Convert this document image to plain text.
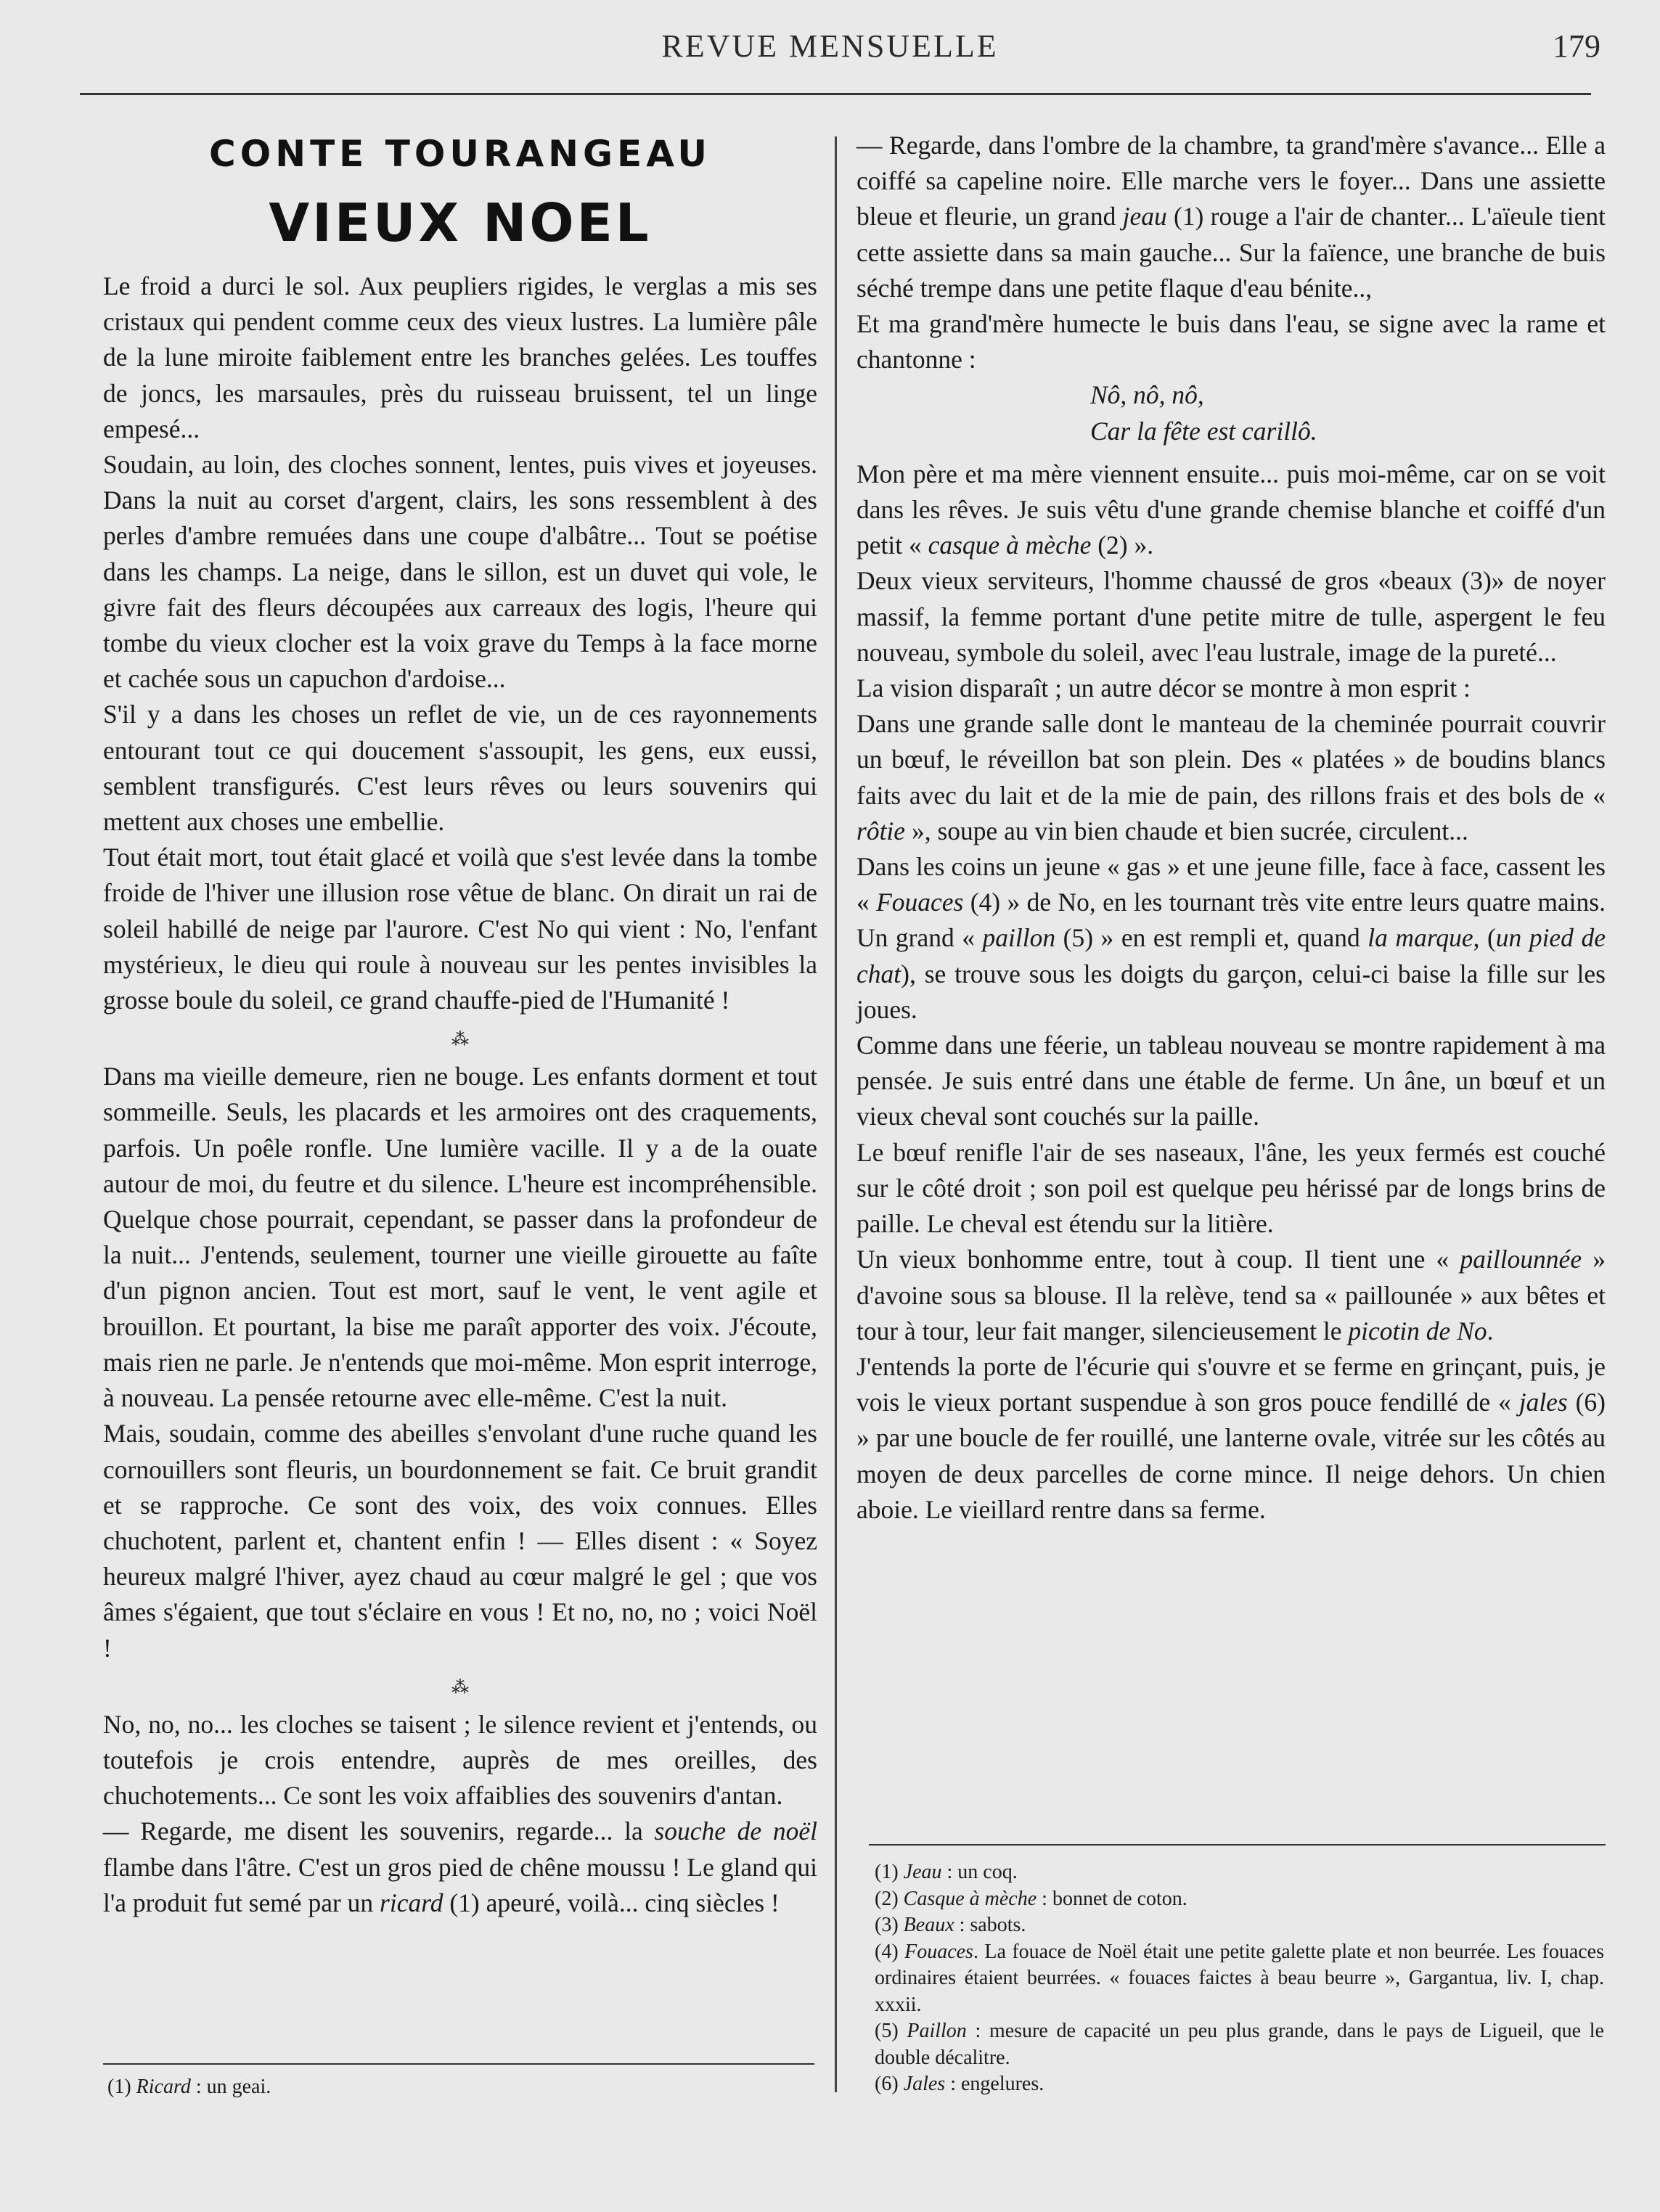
REVUE MENSUELLE	179
CONTE TOURANGEAU
VIEUX NOEL

Le froid a durci le sol. Aux peupliers rigides, le verglas a mis ses cristaux qui pendent comme ceux des vieux lustres. La lumière pâle de la lune miroite faiblement entre les branches gelées. Les touffes de joncs, les marsaules, près du ruisseau bruissent, tel un linge empesé...

Soudain, au loin, des cloches sonnent, lentes, puis vives et joyeuses. Dans la nuit au corset d'argent, clairs, les sons ressemblent à des perles d'ambre remuées dans une coupe d'albâtre... Tout se poétise dans les champs. La neige, dans le sillon, est un duvet qui vole, le givre fait des fleurs découpées aux carreaux des logis, l'heure qui tombe du vieux clocher est la voix grave du Temps à la face morne et cachée sous un capuchon d'ardoise...

S'il y a dans les choses un reflet de vie, un de ces rayonnements entourant tout ce qui doucement s'assoupit, les gens, eux eussi, semblent transfigurés. C'est leurs rêves ou leurs souvenirs qui mettent aux choses une embellie.

Tout était mort, tout était glacé et voilà que s'est levée dans la tombe froide de l'hiver une illusion rose vêtue de blanc. On dirait un rai de soleil habillé de neige par l'aurore. C'est No qui vient : No, l'enfant mystérieux, le dieu qui roule à nouveau sur les pentes invisibles la grosse boule du soleil, ce grand chauffe-pied de l'Humanité !

⁂

Dans ma vieille demeure, rien ne bouge. Les enfants dorment et tout sommeille. Seuls, les placards et les armoires ont des craquements, parfois. Un poêle ronfle. Une lumière vacille. Il y a de la ouate autour de moi, du feutre et du silence. L'heure est incompréhensible. Quelque chose pourrait, cependant, se passer dans la profondeur de la nuit... J'entends, seulement, tourner une vieille girouette au faîte d'un pignon ancien. Tout est mort, sauf le vent, le vent agile et brouillon. Et pourtant, la bise me paraît apporter des voix. J'écoute, mais rien ne parle. Je n'entends que moi-même. Mon esprit interroge, à nouveau. La pensée retourne avec elle-même. C'est la nuit.

Mais, soudain, comme des abeilles s'envolant d'une ruche quand les cornouillers sont fleuris, un bourdonnement se fait. Ce bruit grandit et se rapproche. Ce sont des voix, des voix connues. Elles chuchotent, parlent et, chantent enfin ! — Elles disent : « Soyez heureux malgré l'hiver, ayez chaud au cœur malgré le gel ; que vos âmes s'égaient, que tout s'éclaire en vous ! Et no, no, no ; voici Noël !

⁂

No, no, no... les cloches se taisent ; le silence revient et j'entends, ou toutefois je crois entendre, auprès de mes oreilles, des chuchotements... Ce sont les voix affaiblies des souvenirs d'antan.

— Regarde, me disent les souvenirs, regarde... la souche de noël flambe dans l'âtre. C'est un gros pied de chêne moussu ! Le gland qui l'a produit fut semé par un ricard (1) apeuré, voilà... cinq siècles !

(1) Ricard : un geai.

— Regarde, dans l'ombre de la chambre, ta grand'mère s'avance... Elle a coiffé sa capeline noire. Elle marche vers le foyer... Dans une assiette bleue et fleurie, un grand jeau (1) rouge a l'air de chanter... L'aïeule tient cette assiette dans sa main gauche... Sur la faïence, une branche de buis séché trempe dans une petite flaque d'eau bénite..,

Et ma grand'mère humecte le buis dans l'eau, se signe avec la rame et chantonne :

Nô, nô, nô,

Car la fête est carillô.

Mon père et ma mère viennent ensuite... puis moi-même, car on se voit dans les rêves. Je suis vêtu d'une grande chemise blanche et coiffé d'un petit « casque à mèche (2) ».

Deux vieux serviteurs, l'homme chaussé de gros «beaux (3)» de noyer massif, la femme portant d'une petite mitre de tulle, aspergent le feu nouveau, symbole du soleil, avec l'eau lustrale, image de la pureté...

La vision disparaît ; un autre décor se montre à mon esprit :

Dans une grande salle dont le manteau de la cheminée pourrait couvrir un bœuf, le réveillon bat son plein. Des « platées » de boudins blancs faits avec du lait et de la mie de pain, des rillons frais et des bols de « rôtie », soupe au vin bien chaude et bien sucrée, circulent...

Dans les coins un jeune « gas » et une jeune fille, face à face, cassent les « Fouaces (4) » de No, en les tournant très vite entre leurs quatre mains. Un grand « paillon (5) » en est rempli et, quand la marque, (un pied de chat), se trouve sous les doigts du garçon, celui-ci baise la fille sur les joues.

Comme dans une féerie, un tableau nouveau se montre rapidement à ma pensée. Je suis entré dans une étable de ferme. Un âne, un bœuf et un vieux cheval sont couchés sur la paille.

Le bœuf renifle l'air de ses naseaux, l'âne, les yeux fermés est couché sur le côté droit ; son poil est quelque peu hérissé par de longs brins de paille. Le cheval est étendu sur la litière.

Un vieux bonhomme entre, tout à coup. Il tient une « paillounnée » d'avoine sous sa blouse. Il la relève, tend sa « paillounée » aux bêtes et tour à tour, leur fait manger, silencieusement le picotin de No.

J'entends la porte de l'écurie qui s'ouvre et se ferme en grinçant, puis, je vois le vieux portant suspendue à son gros pouce fendillé de « jales (6) » par une boucle de fer rouillé, une lanterne ovale, vitrée sur les côtés au moyen de deux parcelles de corne mince. Il neige dehors. Un chien aboie. Le vieillard rentre dans sa ferme.

(1) Jeau : un coq.

(2) Casque à mèche : bonnet de coton.

(3) Beaux : sabots.

(4) Fouaces. La fouace de Noël était une petite galette plate et non beurrée. Les fouaces ordinaires étaient beurrées. « fouaces faictes à beau beurre », Gargantua, liv. I, chap. xxxii.

(5) Paillon : mesure de capacité un peu plus grande, dans le pays de Ligueil, que le double décalitre.

(6) Jales : engelures.
